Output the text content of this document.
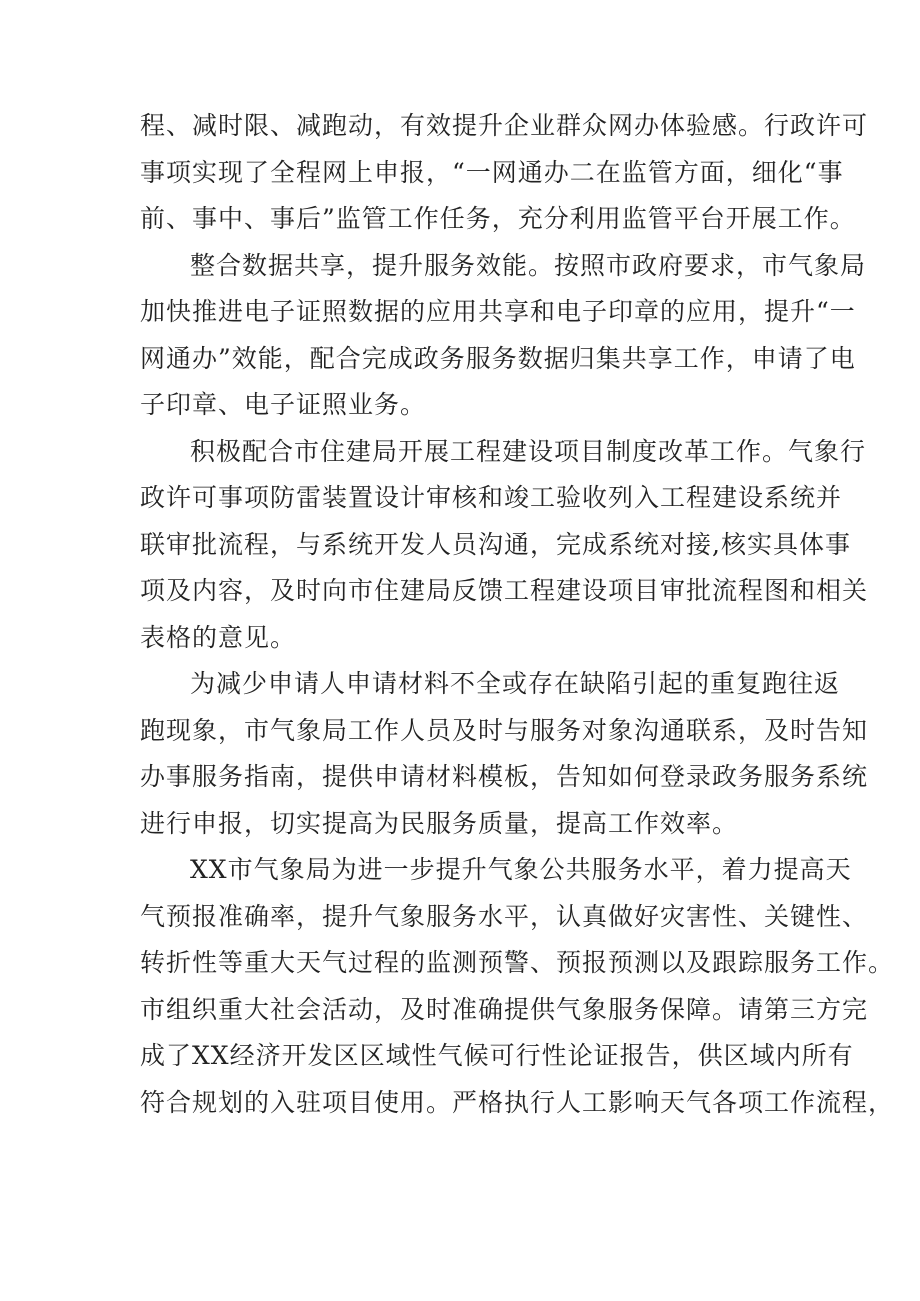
程、减时限、减跑动，有效提升企业群众网办体验感。行政许可
事项实现了全程网上申报，“一网通办二在监管方面，细化“事
前、事中、事后”监管工作任务，充分利用监管平台开展工作。
整合数据共享，提升服务效能。按照市政府要求，市气象局
加快推进电子证照数据的应用共享和电子印章的应用，提升“一
网通办”效能，配合完成政务服务数据归集共享工作，申请了电
子印章、电子证照业务。
积极配合市住建局开展工程建设项目制度改革工作。气象行
政许可事项防雷装置设计审核和竣工验收列入工程建设系统并
联审批流程，与系统开发人员沟通，完成系统对接,核实具体事
项及内容，及时向市住建局反馈工程建设项目审批流程图和相关
表格的意见。
为减少申请人申请材料不全或存在缺陷引起的重复跑往返
跑现象，市气象局工作人员及时与服务对象沟通联系，及时告知
办事服务指南，提供申请材料模板，告知如何登录政务服务系统
进行申报，切实提高为民服务质量，提高工作效率。
XX市气象局为进一步提升气象公共服务水平，着力提高天
气预报准确率，提升气象服务水平，认真做好灾害性、关键性、
转折性等重大天气过程的监测预警、预报预测以及跟踪服务工作。
市组织重大社会活动，及时准确提供气象服务保障。请第三方完
成了XX经济开发区区域性气候可行性论证报告，供区域内所有
符合规划的入驻项目使用。严格执行人工影响天气各项工作流程，
